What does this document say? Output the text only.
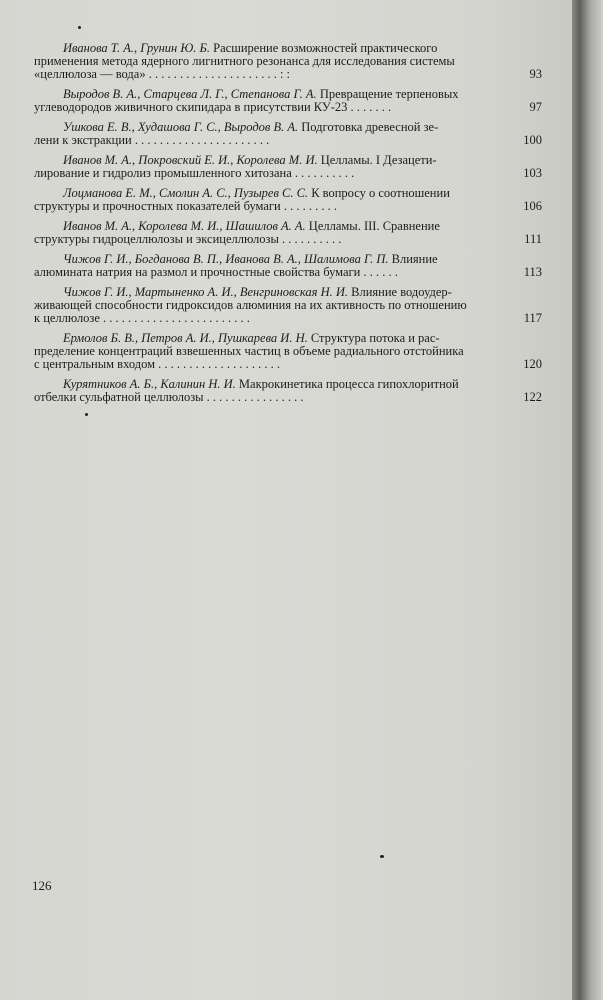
Иванова Т. А., Грунин Ю. Б. Расширение возможностей практического
применения метода ядерного лигнитного резонанса для исследования системы
«целлюлоза — вода» . . . . . . . . . . . . . . . . . . . . . : :	93
Выродов В. А., Старцева Л. Г., Степанова Г. А. Превращение терпеновых
углеводородов живичного скипидара в присутствии КУ-23 . . . . . . .	97
Ушкова Е. В., Худашова Г. С., Выродов В. А. Подготовка древесной зе-
лени к экстракции . . . . . . . . . . . . . . . . . . . . . .	100
Иванов М. А., Покровский Е. И., Королева М. И. Целламы. I Дезацети-
лирование и гидролиз промышленного хитозана . . . . . . . . . .	103
Лоцманова Е. М., Смолин А. С., Пузырев С. С. К вопросу о соотношении
структуры и прочностных показателей бумаги . . . . . . . . .	106
Иванов М. А., Королева М. И., Шашилов А. А. Целламы. III. Сравнение
структуры гидроцеллюлозы и эксицеллюлозы . . . . . . . . . .	111
Чижов Г. И., Богданова В. П., Иванова В. А., Шалимова Г. П. Влияние
алюмината натрия на размол и прочностные свойства бумаги . . . . . .	113
Чижов Г. И., Мартыненко А. И., Венгриновская Н. И. Влияние водоудер-
живающей способности гидроксидов алюминия на их активность по отношению
к целлюлозе . . . . . . . . . . . . . . . . . . . . . . . .	117
Ермолов Б. В., Петров А. И., Пушкарева И. Н. Структура потока и рас-
пределение концентраций взвешенных частиц в объеме радиального отстойника
с центральным входом . . . . . . . . . . . . . . . . . . . .	120
Курятников А. Б., Калинин Н. И. Макрокинетика процесса гипохлоритной
отбелки сульфатной целлюлозы . . . . . . . . . . . . . . . .	122
126
